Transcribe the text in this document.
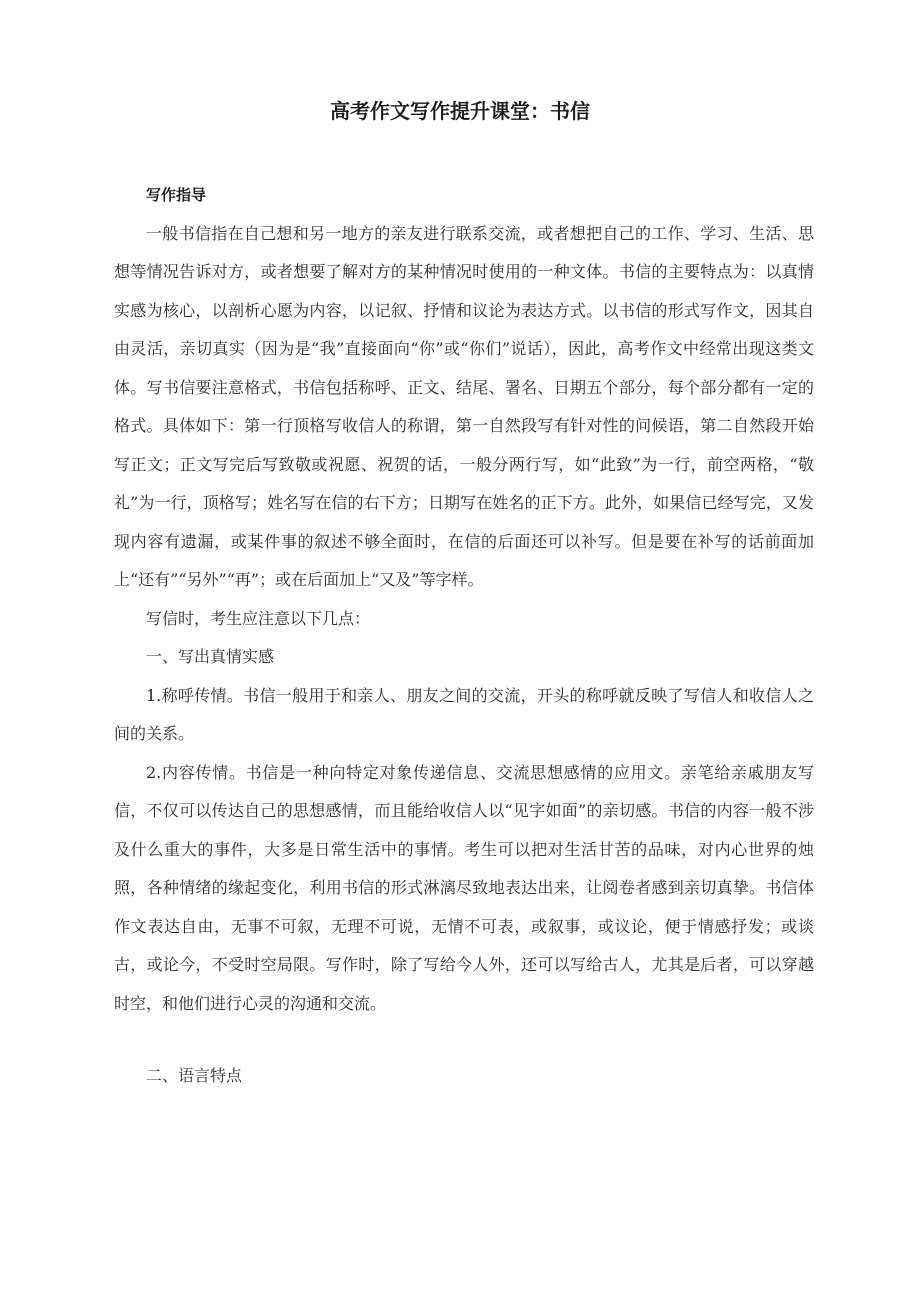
高考作文写作提升课堂：书信

写作指导

一般书信指在自己想和另一地方的亲友进行联系交流，或者想把自己的工作、学习、生活、思想等情况告诉对方，或者想要了解对方的某种情况时使用的一种文体。书信的主要特点为：以真情实感为核心，以剖析心愿为内容，以记叙、抒情和议论为表达方式。以书信的形式写作文，因其自由灵活，亲切真实（因为是“我”直接面向“你”或“你们”说话），因此，高考作文中经常出现这类文体。写书信要注意格式，书信包括称呼、正文、结尾、署名、日期五个部分，每个部分都有一定的格式。具体如下：第一行顶格写收信人的称谓，第一自然段写有针对性的问候语，第二自然段开始写正文；正文写完后写致敬或祝愿、祝贺的话，一般分两行写，如“此致”为一行，前空两格，“敬礼”为一行，顶格写；姓名写在信的右下方；日期写在姓名的正下方。此外，如果信已经写完，又发现内容有遗漏，或某件事的叙述不够全面时，在信的后面还可以补写。但是要在补写的话前面加上“还有”“另外”“再”；或在后面加上“又及”等字样。

写信时，考生应注意以下几点：

一、写出真情实感

1.称呼传情。书信一般用于和亲人、朋友之间的交流，开头的称呼就反映了写信人和收信人之间的关系。

2.内容传情。书信是一种向特定对象传递信息、交流思想感情的应用文。亲笔给亲戚朋友写信，不仅可以传达自己的思想感情，而且能给收信人以“见字如面”的亲切感。书信的内容一般不涉及什么重大的事件，大多是日常生活中的事情。考生可以把对生活甘苦的品味，对内心世界的烛照，各种情绪的缘起变化，利用书信的形式淋漓尽致地表达出来，让阅卷者感到亲切真挚。书信体作文表达自由，无事不可叙，无理不可说，无情不可表，或叙事，或议论，便于情感抒发；或谈古，或论今，不受时空局限。写作时，除了写给今人外，还可以写给古人，尤其是后者，可以穿越时空，和他们进行心灵的沟通和交流。

二、语言特点
